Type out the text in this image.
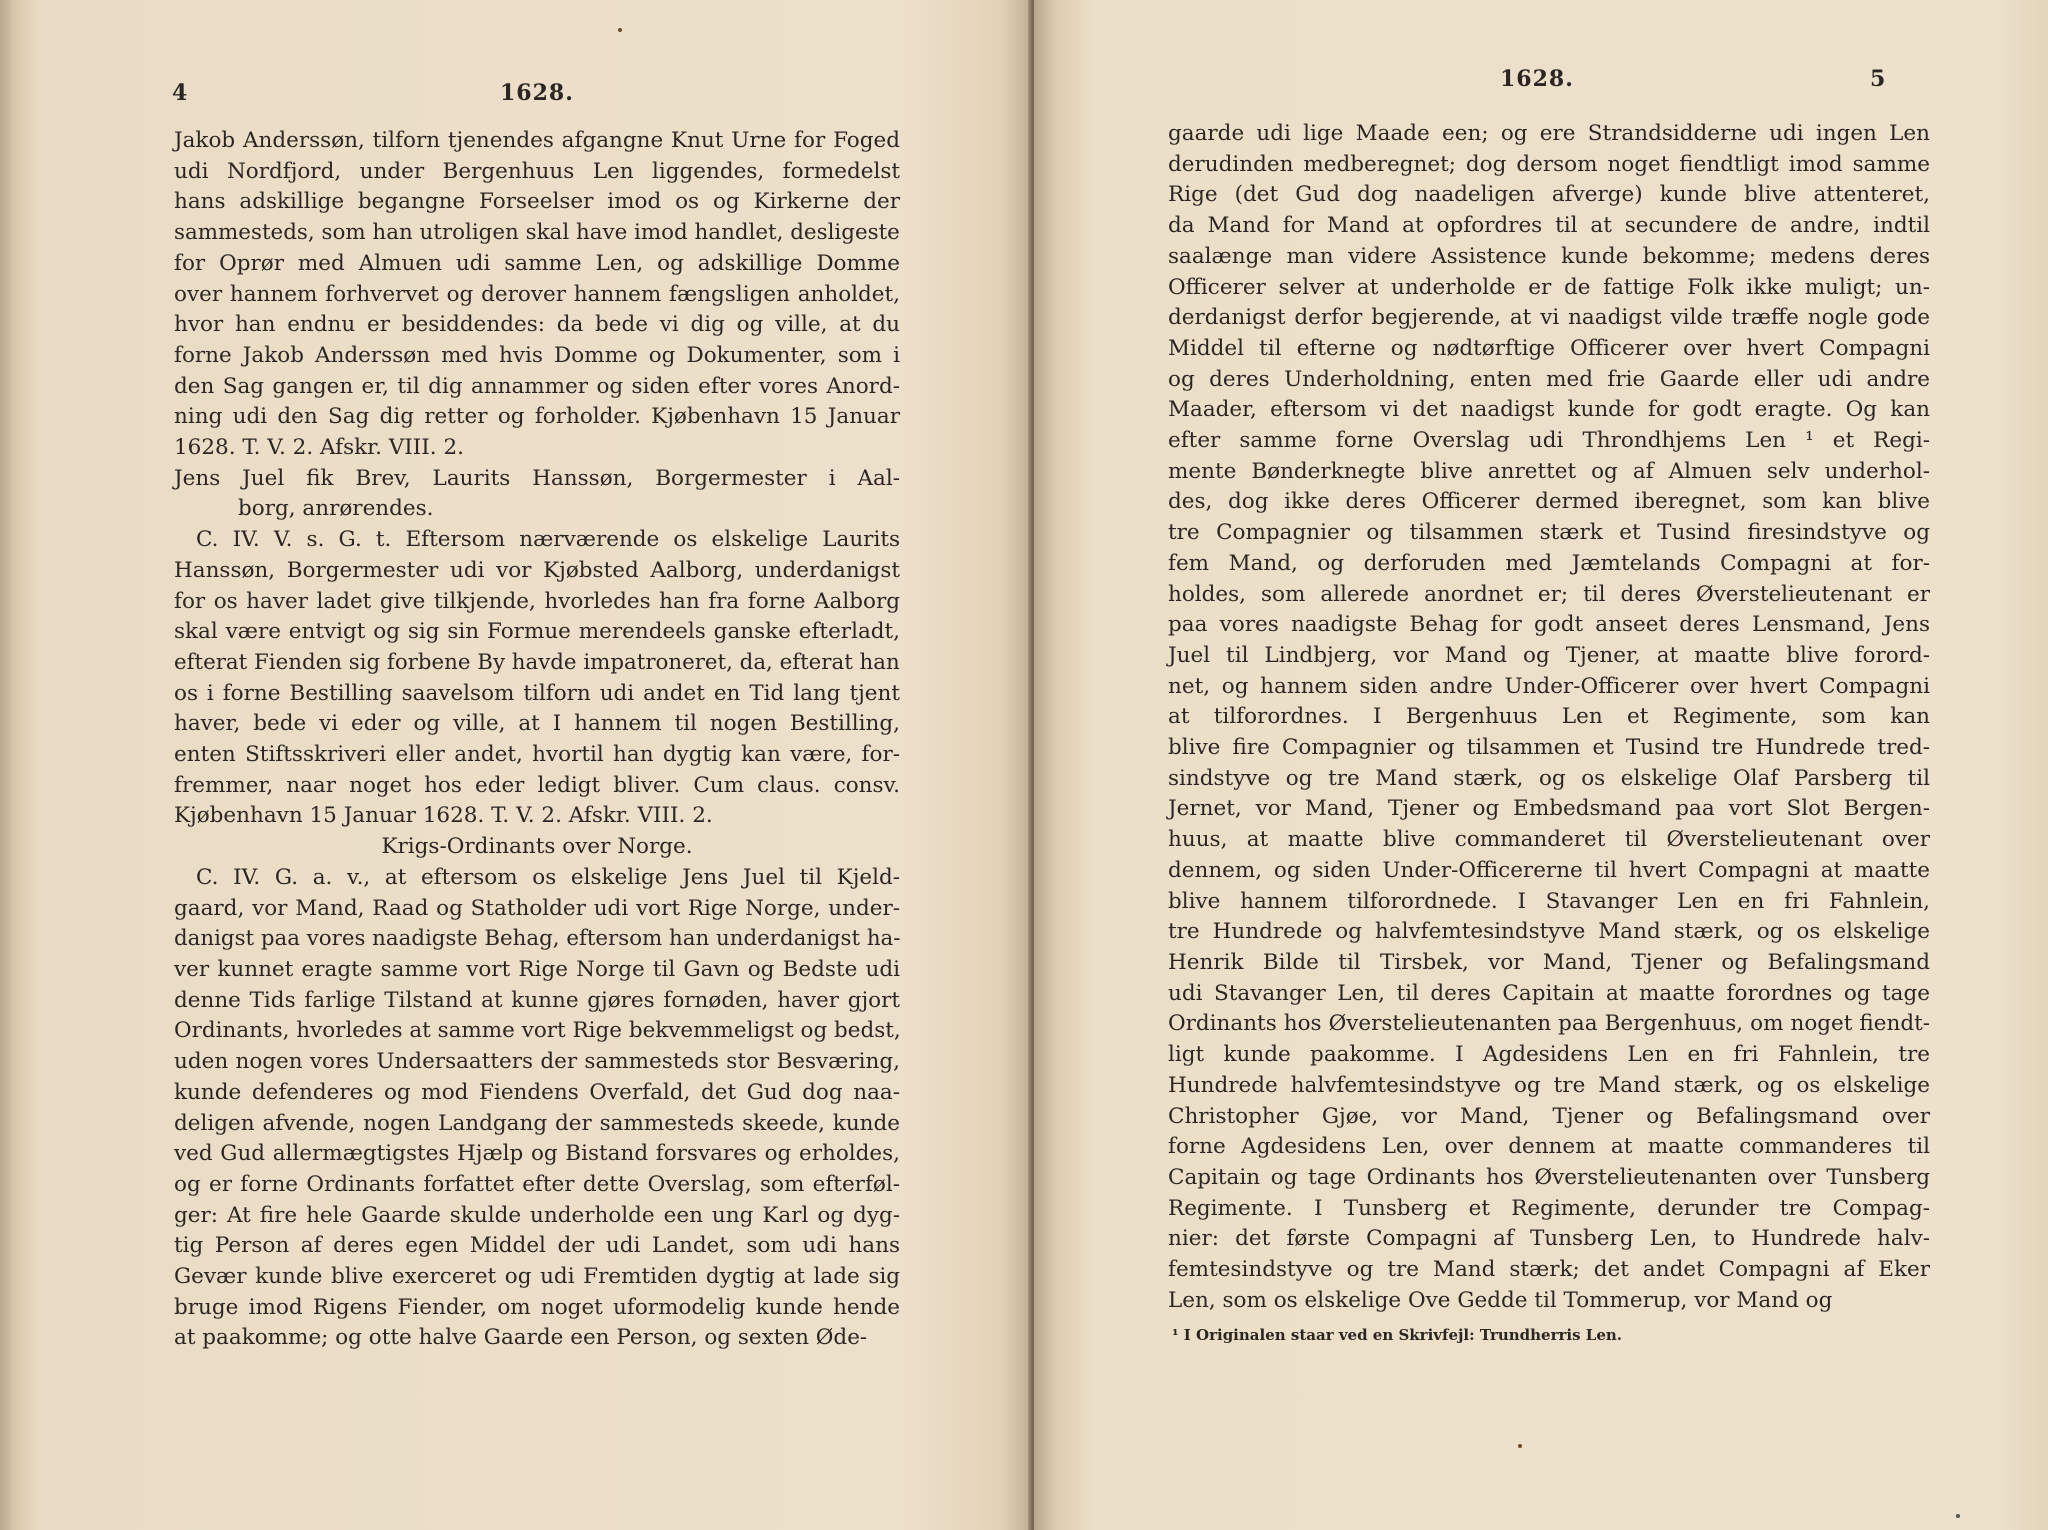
4	1628.
Jakob Anderssøn, tilforn tjenendes afgangne Knut Urne for Foged
udi Nordfjord, under Bergenhuus Len liggendes, formedelst
hans adskillige begangne Forseelser imod os og Kirkerne der
sammesteds, som han utroligen skal have imod handlet, desligeste
for Oprør med Almuen udi samme Len, og adskillige Domme
over hannem forhvervet og derover hannem fængsligen anholdet,
hvor han endnu er besiddendes: da bede vi dig og ville, at du
forne Jakob Anderssøn med hvis Domme og Dokumenter, som i
den Sag gangen er, til dig annammer og siden efter vores Anord-
ning udi den Sag dig retter og forholder. Kjøbenhavn 15 Januar
1628. T. V. 2. Afskr. VIII. 2.
Jens Juel fik Brev, Laurits Hanssøn, Borgermester i Aal-
borg, anrørendes.
C. IV. V. s. G. t. Eftersom nærværende os elskelige Laurits
Hanssøn, Borgermester udi vor Kjøbsted Aalborg, underdanigst
for os haver ladet give tilkjende, hvorledes han fra forne Aalborg
skal være entvigt og sig sin Formue merendeels ganske efterladt,
efterat Fienden sig forbene By havde impatroneret, da, efterat han
os i forne Bestilling saavelsom tilforn udi andet en Tid lang tjent
haver, bede vi eder og ville, at I hannem til nogen Bestilling,
enten Stiftsskriveri eller andet, hvortil han dygtig kan være, for-
fremmer, naar noget hos eder ledigt bliver. Cum claus. consv.
Kjøbenhavn 15 Januar 1628. T. V. 2. Afskr. VIII. 2.
Krigs-Ordinants over Norge.
C. IV. G. a. v., at eftersom os elskelige Jens Juel til Kjeld-
gaard, vor Mand, Raad og Statholder udi vort Rige Norge, under-
danigst paa vores naadigste Behag, eftersom han underdanigst ha-
ver kunnet eragte samme vort Rige Norge til Gavn og Bedste udi
denne Tids farlige Tilstand at kunne gjøres fornøden, haver gjort
Ordinants, hvorledes at samme vort Rige bekvemmeligst og bedst,
uden nogen vores Undersaatters der sammesteds stor Besværing,
kunde defenderes og mod Fiendens Overfald, det Gud dog naa-
deligen afvende, nogen Landgang der sammesteds skeede, kunde
ved Gud allermægtigstes Hjælp og Bistand forsvares og erholdes,
og er forne Ordinants forfattet efter dette Overslag, som efterføl-
ger: At fire hele Gaarde skulde underholde een ung Karl og dyg-
tig Person af deres egen Middel der udi Landet, som udi hans
Gevær kunde blive exerceret og udi Fremtiden dygtig at lade sig
bruge imod Rigens Fiender, om noget uformodelig kunde hende
at paakomme; og otte halve Gaarde een Person, og sexten Øde-
1628.	5
gaarde udi lige Maade een; og ere Strandsidderne udi ingen Len
derudinden medberegnet; dog dersom noget fiendtligt imod samme
Rige (det Gud dog naadeligen afverge) kunde blive attenteret,
da Mand for Mand at opfordres til at secundere de andre, indtil
saalænge man videre Assistence kunde bekomme; medens deres
Officerer selver at underholde er de fattige Folk ikke muligt; un-
derdanigst derfor begjerende, at vi naadigst vilde træffe nogle gode
Middel til efterne og nødtørftige Officerer over hvert Compagni
og deres Underholdning, enten med frie Gaarde eller udi andre
Maader, eftersom vi det naadigst kunde for godt eragte. Og kan
efter samme forne Overslag udi Throndhjems Len ¹ et Regi-
mente Bønderknegte blive anrettet og af Almuen selv underhol-
des, dog ikke deres Officerer dermed iberegnet, som kan blive
tre Compagnier og tilsammen stærk et Tusind firesindstyve og
fem Mand, og derforuden med Jæmtelands Compagni at for-
holdes, som allerede anordnet er; til deres Øverstelieutenant er
paa vores naadigste Behag for godt anseet deres Lensmand, Jens
Juel til Lindbjerg, vor Mand og Tjener, at maatte blive forord-
net, og hannem siden andre Under-Officerer over hvert Compagni
at tilforordnes. I Bergenhuus Len et Regimente, som kan
blive fire Compagnier og tilsammen et Tusind tre Hundrede tred-
sindstyve og tre Mand stærk, og os elskelige Olaf Parsberg til
Jernet, vor Mand, Tjener og Embedsmand paa vort Slot Bergen-
huus, at maatte blive commanderet til Øverstelieutenant over
dennem, og siden Under-Officererne til hvert Compagni at maatte
blive hannem tilforordnede. I Stavanger Len en fri Fahnlein,
tre Hundrede og halvfemtesindstyve Mand stærk, og os elskelige
Henrik Bilde til Tirsbek, vor Mand, Tjener og Befalingsmand
udi Stavanger Len, til deres Capitain at maatte forordnes og tage
Ordinants hos Øverstelieutenanten paa Bergenhuus, om noget fiendt-
ligt kunde paakomme. I Agdesidens Len en fri Fahnlein, tre
Hundrede halvfemtesindstyve og tre Mand stærk, og os elskelige
Christopher Gjøe, vor Mand, Tjener og Befalingsmand over
forne Agdesidens Len, over dennem at maatte commanderes til
Capitain og tage Ordinants hos Øverstelieutenanten over Tunsberg
Regimente. I Tunsberg et Regimente, derunder tre Compag-
nier: det første Compagni af Tunsberg Len, to Hundrede halv-
femtesindstyve og tre Mand stærk; det andet Compagni af Eker
Len, som os elskelige Ove Gedde til Tommerup, vor Mand og
¹ I Originalen staar ved en Skrivfejl: Trundherris Len.
